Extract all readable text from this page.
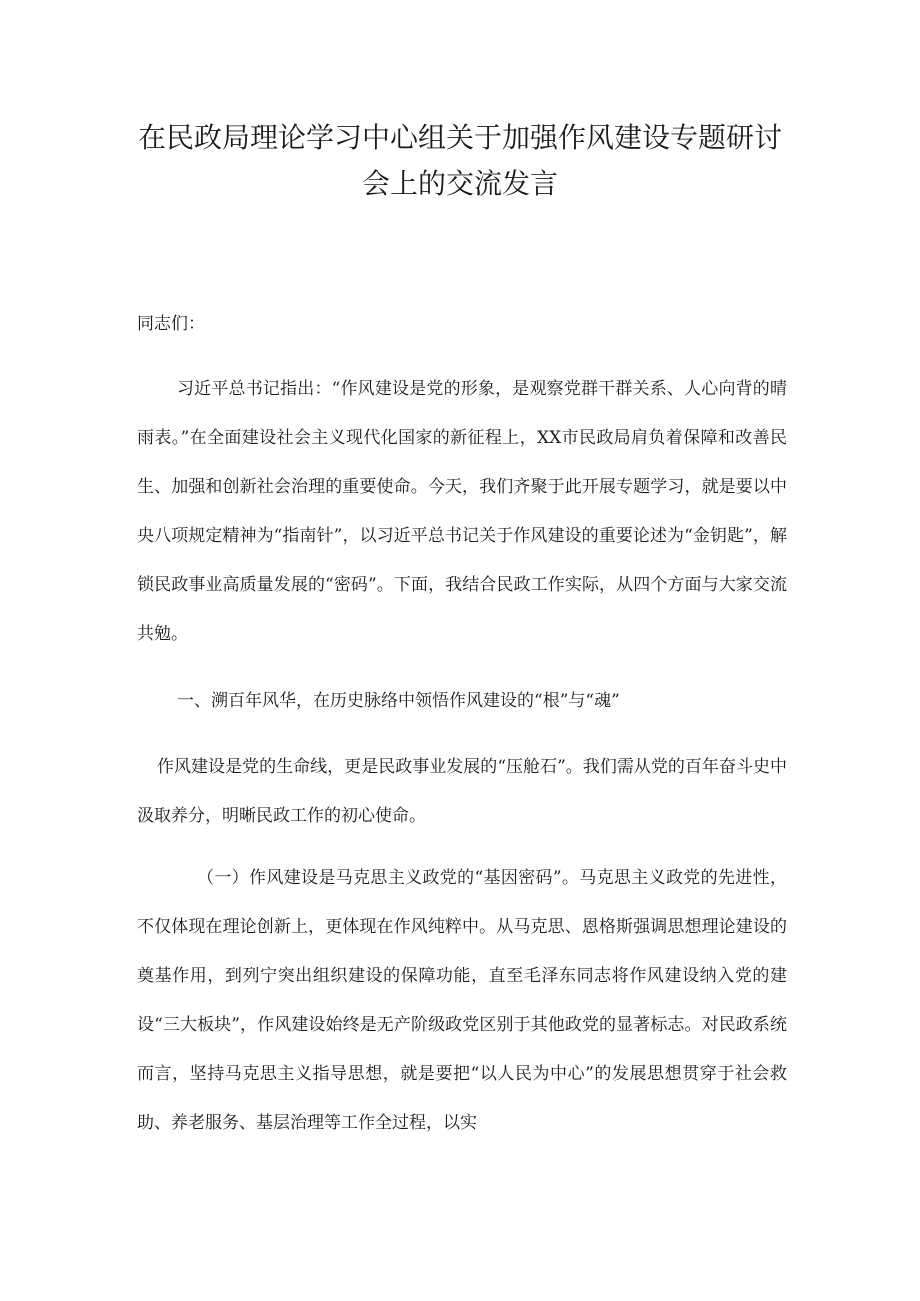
在民政局理论学习中心组关于加强作风建设专题研讨
会上的交流发言

同志们：

习近平总书记指出：“作风建设是党的形象，是观察党群干群关系、人心向背的晴雨表。”在全面建设社会主义现代化国家的新征程上，XX市民政局肩负着保障和改善民生、加强和创新社会治理的重要使命。今天，我们齐聚于此开展专题学习，就是要以中央八项规定精神为“指南针”，以习近平总书记关于作风建设的重要论述为“金钥匙”，解锁民政事业高质量发展的“密码”。下面，我结合民政工作实际，从四个方面与大家交流共勉。

一、溯百年风华，在历史脉络中领悟作风建设的“根”与“魂”

作风建设是党的生命线，更是民政事业发展的“压舱石”。我们需从党的百年奋斗史中汲取养分，明晰民政工作的初心使命。

（一）作风建设是马克思主义政党的“基因密码”。马克思主义政党的先进性，不仅体现在理论创新上，更体现在作风纯粹中。从马克思、恩格斯强调思想理论建设的奠基作用，到列宁突出组织建设的保障功能，直至毛泽东同志将作风建设纳入党的建设“三大板块”，作风建设始终是无产阶级政党区别于其他政党的显著标志。对民政系统而言，坚持马克思主义指导思想，就是要把“以人民为中心”的发展思想贯穿于社会救助、养老服务、基层治理等工作全过程，以实
